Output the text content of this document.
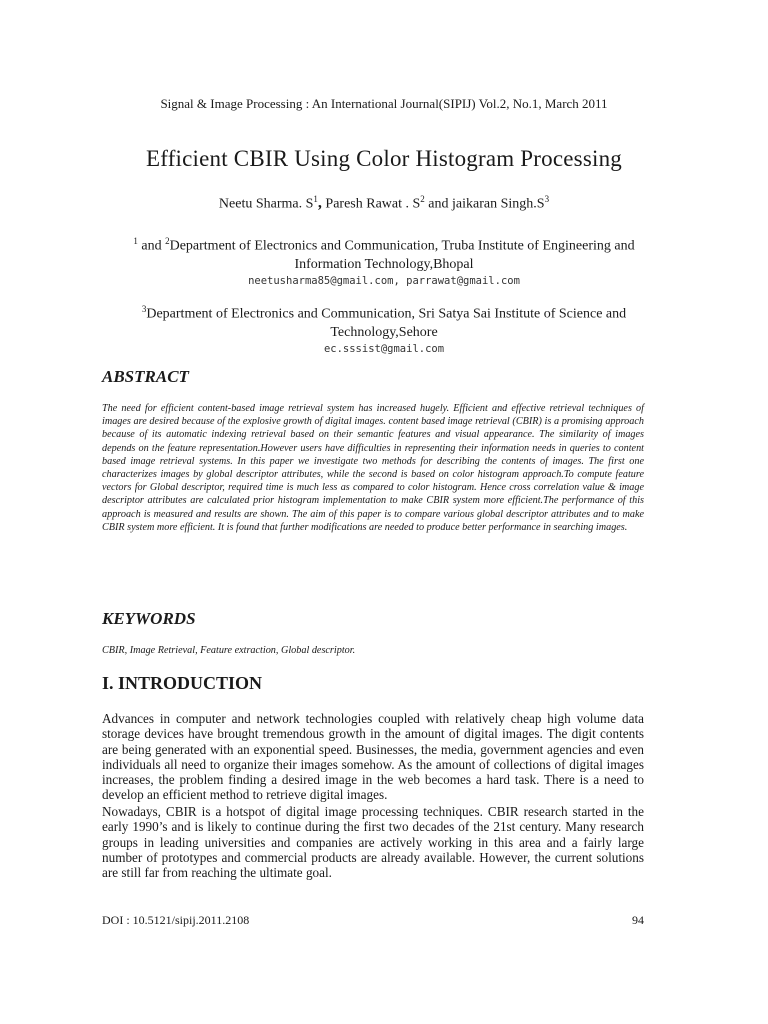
Signal & Image Processing : An International Journal(SIPIJ) Vol.2, No.1, March 2011
Efficient CBIR Using Color Histogram Processing
Neetu Sharma. $S^1$, Paresh Rawat . $S^2$ and jaikaran $Singh.S^3$
$^1$ and $^2$Department of Electronics and Communication, Truba Institute of Engineering and
Information Technology,Bhopal
neetusharma85@gmail.com, parrawat@gmail.com
$^3$Department of Electronics and Communication, Sri Satya Sai Institute of Science and
Technology,Sehore
ec.sssist@gmail.com
ABSTRACT
The need for efficient content-based image retrieval system has increased hugely. Efficient and effective retrieval techniques of images are desired because of the explosive growth of digital images. content based image retrieval (CBIR) is a promising approach because of its automatic indexing retrieval based on their semantic features and visual appearance. The similarity of images depends on the feature representation.However users have difficulties in representing their information needs in queries to content based image retrieval systems. In this paper we investigate two methods for describing the contents of images. The first one characterizes images by global descriptor attributes, while the second is based on color histogram approach.To compute feature vectors for Global descriptor, required time is much less as compared to color histogram. Hence cross correlation value & image descriptor attributes are calculated prior histogram implementation to make CBIR system more efficient.The performance of this approach is measured and results are shown. The aim of this paper is to compare various global descriptor attributes and to make CBIR system more efficient. It is found that further modifications are needed to produce better performance in searching images.
KEYWORDS
CBIR, Image Retrieval, Feature extraction, Global descriptor.
I. INTRODUCTION
Advances in computer and network technologies coupled with relatively cheap high volume data storage devices have brought tremendous growth in the amount of digital images. The digit contents are being generated with an exponential speed. Businesses, the media, government agencies and even individuals all need to organize their images somehow. As the amount of collections of digital images increases, the problem finding a desired image in the web becomes a hard task. There is a need to develop an efficient method to retrieve digital images.
Nowadays, CBIR is a hotspot of digital image processing techniques. CBIR research started in the early 1990’s and is likely to continue during the first two decades of the 21st century. Many research groups in leading universities and companies are actively working in this area and a fairly large number of prototypes and commercial products are already available. However, the current solutions are still far from reaching the ultimate goal.
DOI : 10.5121/sipij.2011.2108	94
